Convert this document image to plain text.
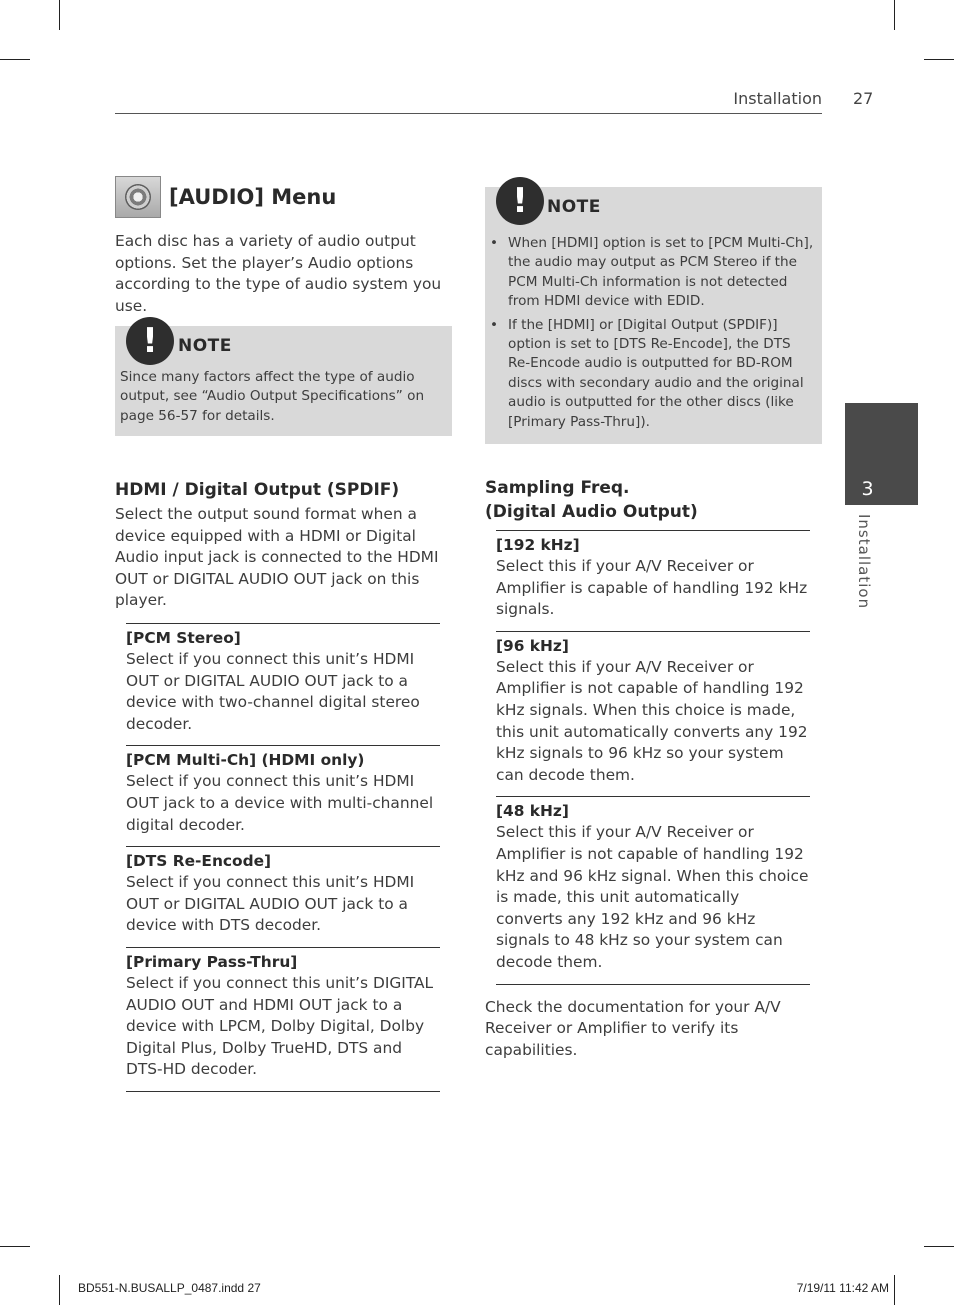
Installation 27
[AUDIO] Menu

Each disc has a variety of audio output options. Set the player’s Audio options according to the type of audio system you use.

!	NOTE

Since many factors affect the type of audio output, see “Audio Output Specifications” on page 56-57 for details.

HDMI / Digital Output (SPDIF)

Select the output sound format when a device equipped with a HDMI or Digital Audio input jack is connected to the HDMI OUT or DIGITAL AUDIO OUT jack on this player.

[PCM Stereo]

Select if you connect this unit’s HDMI OUT or DIGITAL AUDIO OUT jack to a device with two-channel digital stereo decoder.

[PCM Multi-Ch] (HDMI only)

Select if you connect this unit’s HDMI OUT jack to a device with multi-channel digital decoder.

[DTS Re-Encode]

Select if you connect this unit’s HDMI OUT or DIGITAL AUDIO OUT jack to a device with DTS decoder.

[Primary Pass-Thru]

Select if you connect this unit’s DIGITAL AUDIO OUT and HDMI OUT jack to a device with LPCM, Dolby Digital, Dolby Digital Plus, Dolby TrueHD, DTS and DTS-HD decoder.

!	NOTE
• When [HDMI] option is set to [PCM Multi-Ch], the audio may output as PCM Stereo if the PCM Multi-Ch information is not detected from HDMI device with EDID.
• If the [HDMI] or [Digital Output (SPDIF)] option is set to [DTS Re-Encode], the DTS Re-Encode audio is outputted for BD-ROM discs with secondary audio and the original audio is outputted for the other discs (like [Primary Pass-Thru]).

Sampling Freq.

(Digital Audio Output)

[192 kHz]

Select this if your A/V Receiver or Amplifier is capable of handling 192 kHz signals.

[96 kHz]

Select this if your A/V Receiver or Amplifier is not capable of handling 192 kHz signals. When this choice is made, this unit automatically converts any 192 kHz signals to 96 kHz so your system can decode them.

[48 kHz]

Select this if your A/V Receiver or Amplifier is not capable of handling 192 kHz and 96 kHz signal. When this choice is made, this unit automatically converts any 192 kHz and 96 kHz signals to 48 kHz so your system can decode them.

Check the documentation for your A/V Receiver or Amplifier to verify its capabilities.

3
Installation
BD551-N.BUSALLP_0487.indd 27	7/19/11 11:42 AM
